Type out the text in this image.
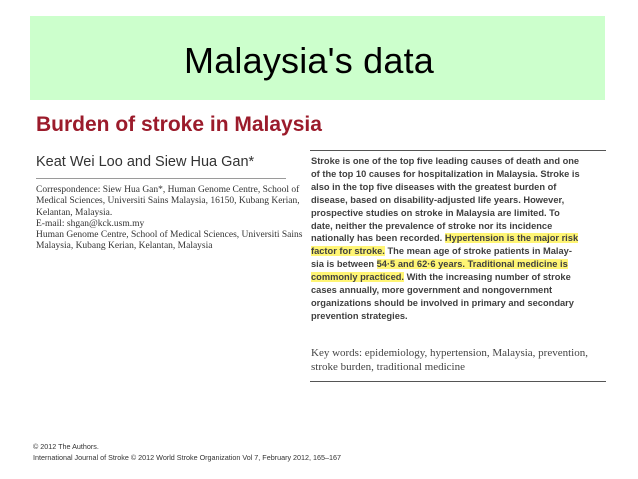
Malaysia's data
Burden of stroke in Malaysia
Keat Wei Loo and Siew Hua Gan*
Correspondence: Siew Hua Gan*, Human Genome Centre, School of
Medical Sciences, Universiti Sains Malaysia, 16150, Kubang Kerian,
Kelantan, Malaysia.
E-mail: shgan@kck.usm.my
Human Genome Centre, School of Medical Sciences, Universiti Sains
Malaysia, Kubang Kerian, Kelantan, Malaysia
Stroke is one of the top five leading causes of death and one
of the top 10 causes for hospitalization in Malaysia. Stroke is
also in the top five diseases with the greatest burden of
disease, based on disability-adjusted life years. However,
prospective studies on stroke in Malaysia are limited. To
date, neither the prevalence of stroke nor its incidence
nationally has been recorded. Hypertension is the major risk
factor for stroke. The mean age of stroke patients in Malay-
sia is between 54·5 and 62·6 years. Traditional medicine is
commonly practiced. With the increasing number of stroke
cases annually, more government and nongovernment
organizations should be involved in primary and secondary
prevention strategies.
Key words: epidemiology, hypertension, Malaysia, prevention,
stroke burden, traditional medicine
© 2012 The Authors.
International Journal of Stroke © 2012 World Stroke Organization Vol 7, February 2012, 165–167
